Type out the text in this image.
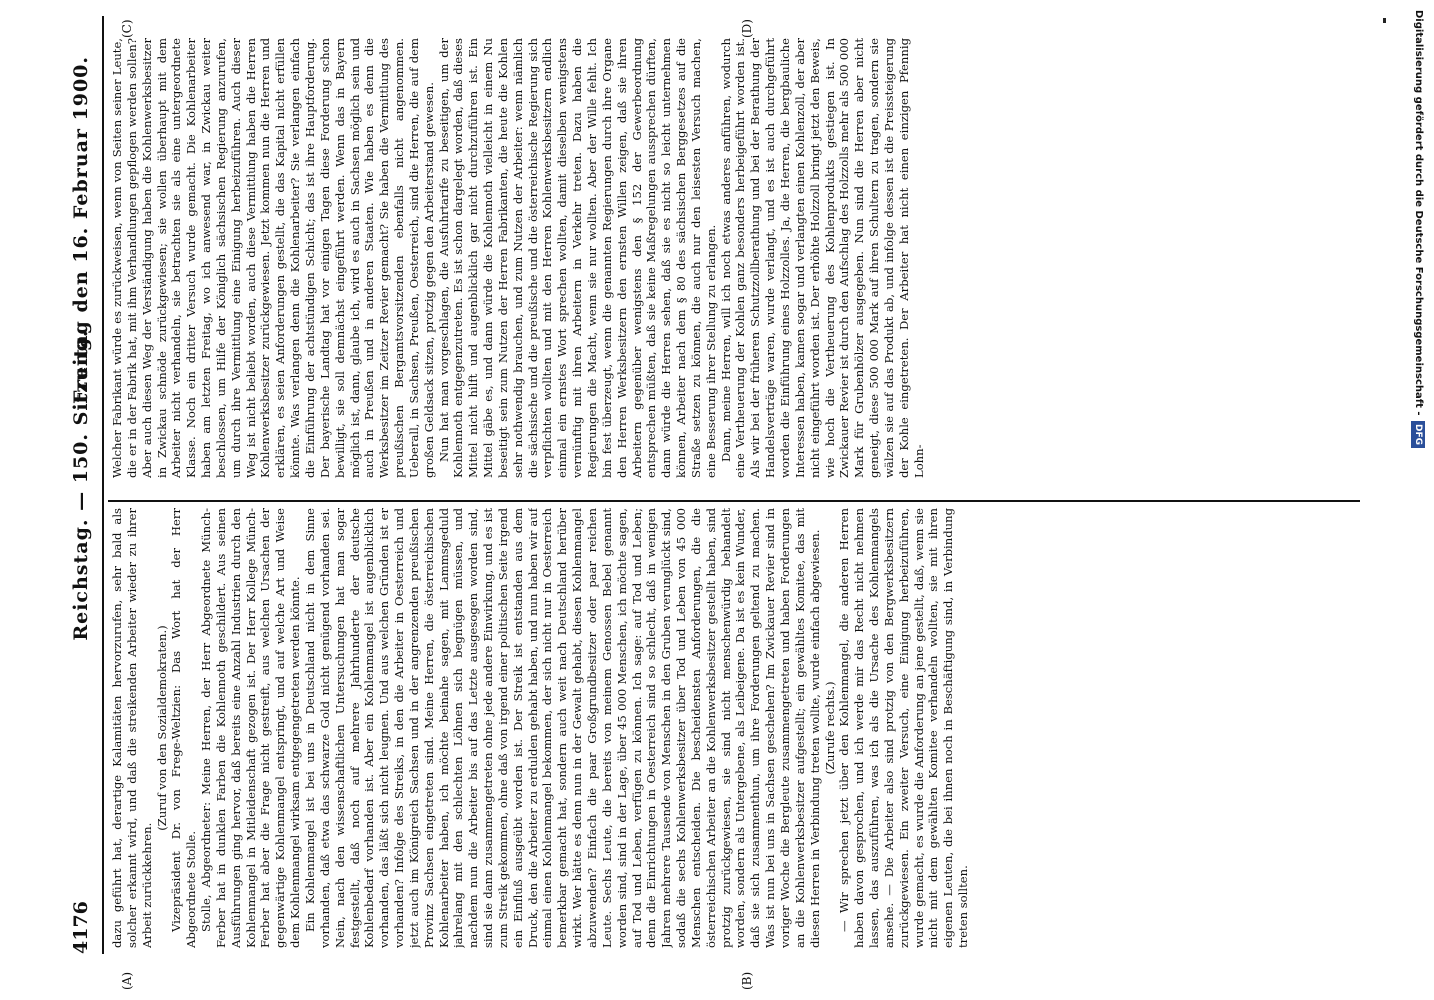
4176
Reichstag. — 150. Sitzung.
Freitag den 16. Februar 1900.
(A)	(B)
(C)	(D)

dazu geführt hat, derartige Kalamitäten hervorzurufen, sehr bald als solcher erkannt wird, und daß die streikenden Arbeiter wieder zu ihrer Arbeit zurückkehren.

(Zuruf von den Sozialdemokraten.) Vizepräsident Dr. von Frege-Weltzien: Das Wort hat der Herr Abgeordnete Stolle. Stolle, Abgeordneter: Meine Herren, der Herr Abgeordnete Münch-Ferber hat in dunklen Farben die Kohlennoth geschildert. Aus seinen Ausführungen ging hervor, daß bereits eine Anzahl Industrien durch den Kohlenmangel in Mitleidenschaft gezogen ist. Der Herr Kollege Münch-Ferber hat aber die Frage nicht gestreift, aus welchen Ursachen der gegenwärtige Kohlenmangel entspringt, und auf welche Art und Weise dem Kohlenmangel wirksam entgegengetreten werden könnte. Ein Kohlenmangel ist bei uns in Deutschland nicht in dem Sinne vorhanden, daß etwa das schwarze Gold nicht genügend vorhanden sei. Nein, nach den wissenschaftlichen Untersuchungen hat man sogar festgestellt, daß noch auf mehrere Jahrhunderte der deutsche Kohlenbedarf vorhanden ist. Aber ein Kohlenmangel ist augenblicklich vorhanden, das läßt sich nicht leugnen. Und aus welchen Gründen ist er vorhanden? Infolge des Streiks, in den die Arbeiter in Oesterreich und jetzt auch im Königreich Sachsen und in der angrenzenden preußischen Provinz Sachsen eingetreten sind. Meine Herren, die österreichischen Kohlenarbeiter haben, ich möchte beinahe sagen, mit Lammsgeduld jahrelang mit den schlechten Löhnen sich begnügen müssen, und nachdem nun die Arbeiter bis auf das Letzte ausgesogen worden sind, sind sie dann zusammengetreten ohne jede andere Einwirkung, und es ist zum Streik gekommen, ohne daß von irgend einer politischen Seite irgend ein Einfluß ausgeübt worden ist. Der Streik ist entstanden aus dem Druck, den die Arbeiter zu erdulden gehabt haben, und nun haben wir auf einmal einen Kohlenmangel bekommen, der sich nicht nur in Oesterreich bemerkbar gemacht hat, sondern auch weit nach Deutschland herüber wirkt. Wer hätte es denn nun in der Gewalt gehabt, diesen Kohlenmangel abzuwenden? Einfach die paar Großgrundbesitzer oder paar reichen Leute. Sechs Leute, die bereits von meinem Genossen Bebel genannt worden sind, sind in der Lage, über 45 000 Menschen, ich möchte sagen, auf Tod und Leben, verfügen zu können. Ich sage: auf Tod und Leben; denn die Einrichtungen in Oesterreich sind so schlecht, daß in wenigen Jahren mehrere Tausende von Menschen in den Gruben verunglückt sind, sodaß die sechs Kohlenwerksbesitzer über Tod und Leben von 45 000 Menschen entscheiden. Die bescheidensten Anforderungen, die die österreichischen Arbeiter an die Kohlenwerksbesitzer gestellt haben, sind protzig zurückgewiesen, sie sind nicht menschenwürdig behandelt worden, sondern als Untergebene, als Leibeigene. Da ist es kein Wunder, daß sie sich zusammenthun, um ihre Forderungen geltend zu machen. Was ist nun bei uns in Sachsen geschehen? Im Zwickauer Revier sind in voriger Woche die Bergleute zusammengetreten und haben Forderungen an die Kohlenwerksbesitzer aufgestellt; ein gewähltes Komitee, das mit diesen Herren in Verbindung treten wollte, wurde einfach abgewiesen. (Zurufe rechts.) — Wir sprechen jetzt über den Kohlenmangel, die anderen Herren haben davon gesprochen, und ich werde mir das Recht nicht nehmen lassen, das auszuführen, was ich als die Ursache des Kohlenmangels ansehe. — Die Arbeiter also sind protzig von den Bergwerksbesitzern zurückgewiesen. Ein zweiter Versuch, eine Einigung herbeizuführen, wurde gemacht, es wurde die Anforderung an jene gestellt, daß, wenn sie nicht mit dem gewählten Komitee verhandeln wollten, sie mit ihren eigenen Leuten, die bei ihnen noch in Beschäftigung sind, in Verbindung treten sollten.

Welcher Fabrikant würde es zurückweisen, wenn von Seiten seiner Leute, die er in der Fabrik hat, mit ihm Verhandlungen gepflogen werden sollen? Aber auch diesen Weg der Verständigung haben die Kohlenwerksbesitzer in Zwickau schnöde zurückgewiesen; sie wollen überhaupt mit dem Arbeiter nicht verhandeln, sie betrachten sie als eine untergeordnete Klasse. Noch ein dritter Versuch wurde gemacht. Die Kohlenarbeiter haben am letzten Freitag, wo ich anwesend war, in Zwickau weiter beschlossen, um Hilfe der Königlich sächsischen Regierung anzurufen, um durch ihre Vermittlung eine Einigung herbeizuführen. Auch dieser Weg ist nicht beliebt worden, auch diese Vermittlung haben die Herren Kohlenwerksbesitzer zurückgewiesen. Jetzt kommen nun die Herren und erklären, es seien Anforderungen gestellt, die das Kapital nicht erfüllen könnte. Was verlangen denn die Kohlenarbeiter? Sie verlangen einfach die Einführung der achtstündigen Schicht; das ist ihre Hauptforderung. Der bayerische Landtag hat vor einigen Tagen diese Forderung schon bewilligt, sie soll demnächst eingeführt werden. Wenn das in Bayern möglich ist, dann, glaube ich, wird es auch in Sachsen möglich sein und auch in Preußen und in anderen Staaten. Wie haben es denn die Werksbesitzer im Zeitzer Revier gemacht? Sie haben die Vermittlung des preußischen Bergamtsvorsitzenden ebenfalls nicht angenommen. Ueberall, in Sachsen, Preußen, Oesterreich, sind die Herren, die auf dem großen Geldsack sitzen, protzig gegen den Arbeiterstand gewesen. Nun hat man vorgeschlagen, die Ausfuhrtarife zu beseitigen, um der Kohlennoth entgegenzutreten. Es ist schon dargelegt worden, daß dieses Mittel nicht hilft und augenblicklich gar nicht durchzuführen ist. Ein Mittel gäbe es, und dann würde die Kohlennoth vielleicht in einem Nu beseitigt sein zum Nutzen der Herren Fabrikanten, die heute die Kohlen sehr nothwendig brauchen, und zum Nutzen der Arbeiter: wenn nämlich die sächsische und die preußische und die österreichische Regierung sich verpflichten wollten und mit den Herren Kohlenwerksbesitzern endlich einmal ein ernstes Wort sprechen wollten, damit dieselben wenigstens vernünftig mit ihren Arbeitern in Verkehr treten. Dazu haben die Regierungen die Macht, wenn sie nur wollten. Aber der Wille fehlt. Ich bin fest überzeugt, wenn die genannten Regierungen durch ihre Organe den Herren Werksbesitzern den ernsten Willen zeigen, daß sie ihren Arbeitern gegenüber wenigstens den § 152 der Gewerbeordnung entsprechen müßten, daß sie keine Maßregelungen aussprechen dürften, dann würde die Herren sehen, daß sie es nicht so leicht unternehmen können, Arbeiter nach dem § 80 des sächsischen Berggesetzes auf die Straße setzen zu können, die auch nur den leisesten Versuch machen, eine Besserung ihrer Stellung zu erlangen. Dann, meine Herren, will ich noch etwas anderes anführen, wodurch eine Vertheuerung der Kohlen ganz besonders herbeigeführt worden ist. Als wir bei der früheren Schutzzollberathung und bei der Berathung der Handelsverträge waren, wurde verlangt, und es ist auch durchgeführt worden die Einführung eines Holzzolles. Ja, die Herren, die bergbauliche Interessen haben, kamen sogar und verlangten einen Kohlenzoll, der aber nicht eingeführt worden ist. Der erhöhte Holzzoll bringt jetzt den Beweis, wie hoch die Vertheuerung des Kohlenprodukts gestiegen ist. In Zwickauer Revier ist durch den Aufschlag des Holzzolls mehr als 500 000 Mark für Grubenhölzer ausgegeben. Nun sind die Herren aber nicht geneigt, diese 500 000 Mark auf ihren Schultern zu tragen, sondern sie wälzen sie auf das Produkt ab, und infolge dessen ist die Preissteigerung der Kohle eingetreten. Der Arbeiter hat nicht einen einzigen Pfennig Lohn-

Digitalisierung gefördert durch die Deutsche Forschungsgemeinschaft - DFG
